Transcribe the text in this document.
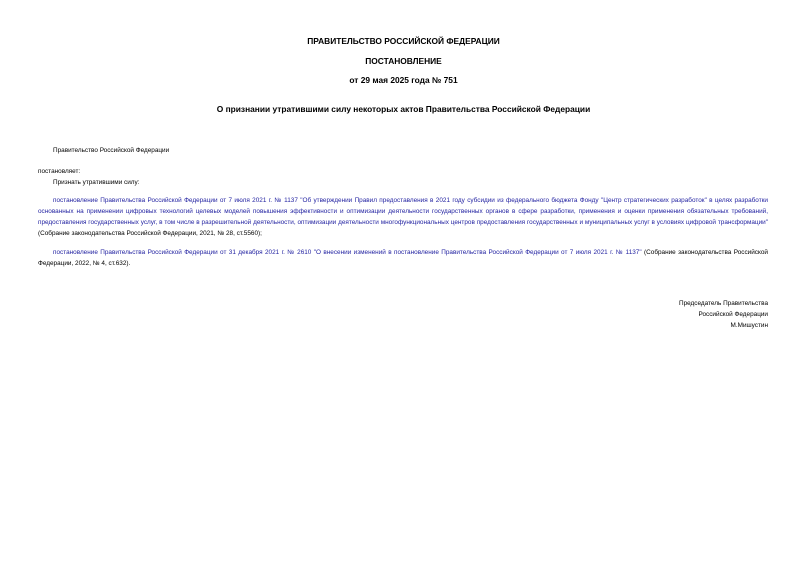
ПРАВИТЕЛЬСТВО РОССИЙСКОЙ ФЕДЕРАЦИИ
ПОСТАНОВЛЕНИЕ
от 29 мая 2025 года № 751
О признании утратившими силу некоторых актов Правительства Российской Федерации
Правительство Российской Федерации
постановляет:
Признать утратившими силу:
постановление Правительства Российской Федерации от 7 июля 2021 г. № 1137 "Об утверждении Правил предоставления в 2021 году субсидии из федерального бюджета Фонду "Центр стратегических разработок" в целях разработки основанных на применении цифровых технологий целевых моделей повышения эффективности и оптимизации деятельности государственных органов в сфере разработки, применения и оценки применения обязательных требований, предоставления государственных услуг, в том числе в разрешительной деятельности, оптимизации деятельности многофункциональных центров предоставления государственных и муниципальных услуг в условиях цифровой трансформации" (Собрание законодательства Российской Федерации, 2021, № 28, ст.5560);
постановление Правительства Российской Федерации от 31 декабря 2021 г. № 2610 "О внесении изменений в постановление Правительства Российской Федерации от 7 июля 2021 г. № 1137" (Собрание законодательства Российской Федерации, 2022, № 4, ст.632).
Председатель Правительства
Российской Федерации
М.Мишустин
